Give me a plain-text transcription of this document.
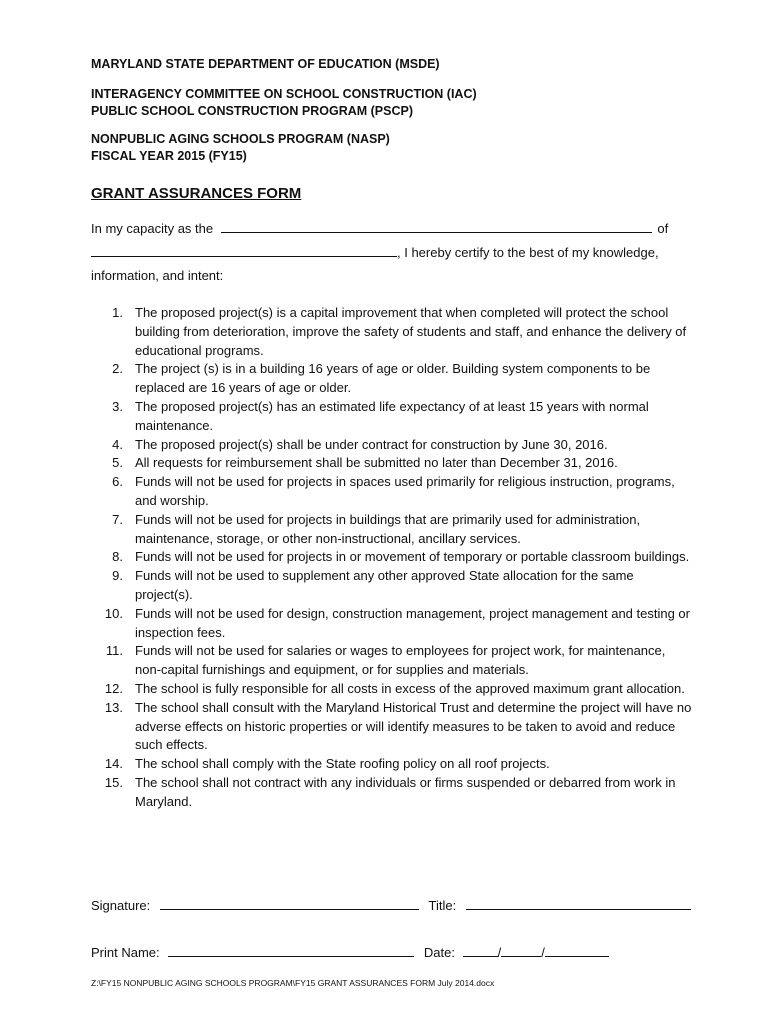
MARYLAND STATE DEPARTMENT OF EDUCATION (MSDE)

INTERAGENCY COMMITTEE ON SCHOOL CONSTRUCTION (IAC)
PUBLIC SCHOOL CONSTRUCTION PROGRAM (PSCP)
NONPUBLIC AGING SCHOOLS PROGRAM (NASP)
FISCAL YEAR 2015 (FY15)
GRANT ASSURANCES FORM
In my capacity as the	of
, I hereby certify to the best of my knowledge,
information, and intent:
1. The proposed project(s) is a capital improvement that when completed will protect the school building from deterioration, improve the safety of students and staff, and enhance the delivery of educational programs.
2. The project (s) is in a building 16 years of age or older. Building system components to be replaced are 16 years of age or older.
3. The proposed project(s) has an estimated life expectancy of at least 15 years with normal maintenance.
4. The proposed project(s) shall be under contract for construction by June 30, 2016.
5. All requests for reimbursement shall be submitted no later than December 31, 2016.
6. Funds will not be used for projects in spaces used primarily for religious instruction, programs, and worship.
7. Funds will not be used for projects in buildings that are primarily used for administration, maintenance, storage, or other non-instructional, ancillary services.
8. Funds will not be used for projects in or movement of temporary or portable classroom buildings.
9. Funds will not be used to supplement any other approved State allocation for the same project(s).
10. Funds will not be used for design, construction management, project management and testing or inspection fees.
11. Funds will not be used for salaries or wages to employees for project work, for maintenance, non-capital furnishings and equipment, or for supplies and materials.
12. The school is fully responsible for all costs in excess of the approved maximum grant allocation.
13. The school shall consult with the Maryland Historical Trust and determine the project will have no adverse effects on historic properties or will identify measures to be taken to avoid and reduce such effects.
14. The school shall comply with the State roofing policy on all roof projects.
15. The school shall not contract with any individuals or firms suspended or debarred from work in Maryland.
Signature:	Title:
Print Name:	Date:	/	/
Z:\FY15 NONPUBLIC AGING SCHOOLS PROGRAM\FY15 GRANT ASSURANCES FORM July 2014.docx
